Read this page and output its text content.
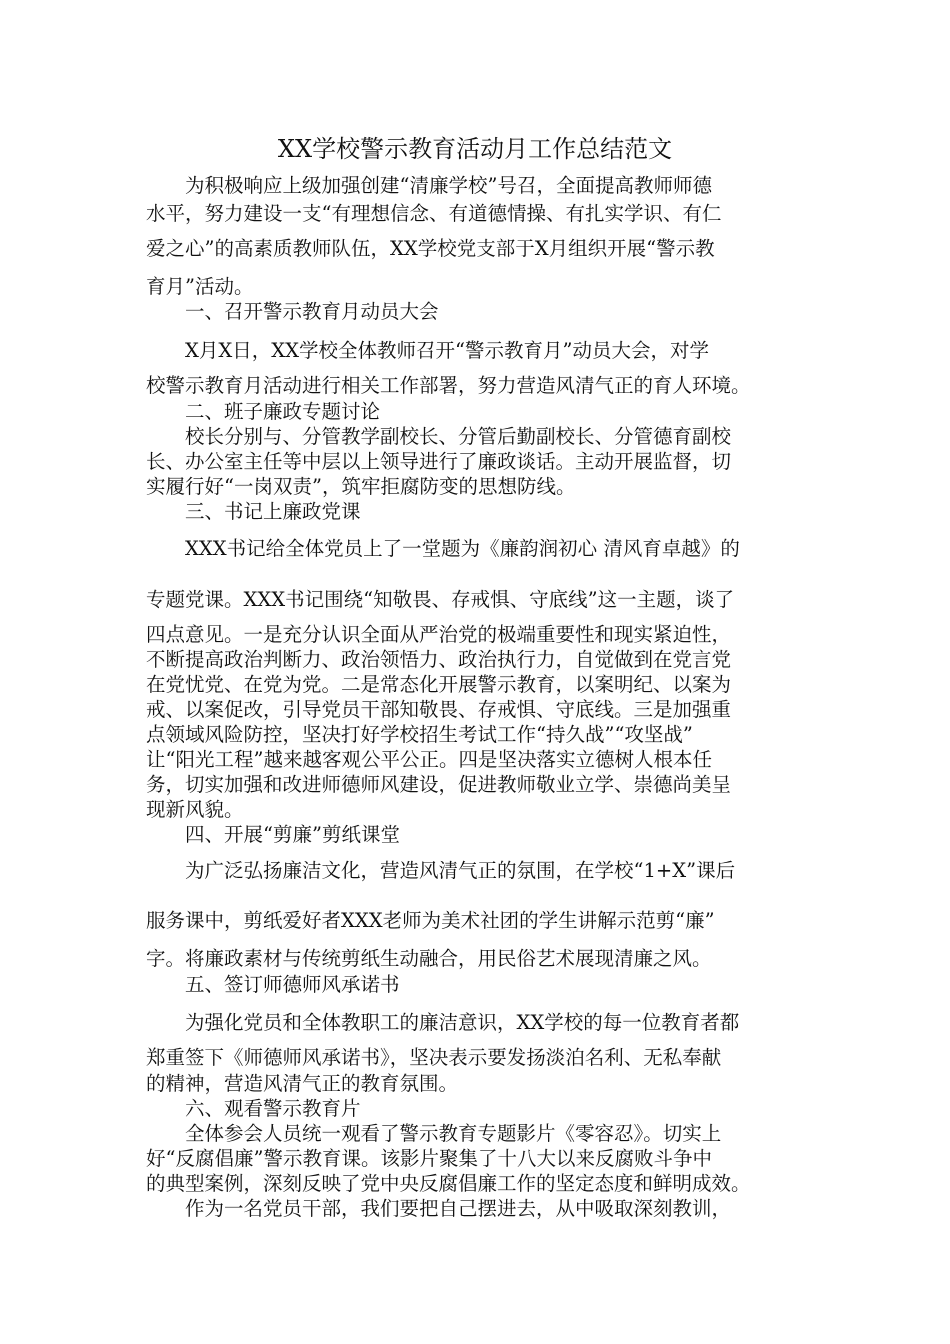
XX学校警示教育活动月工作总结范文

为积极响应上级加强创建“清廉学校”号召，全面提高教师师德

水平，努力建设一支“有理想信念、有道德情操、有扎实学识、有仁

爱之心”的高素质教师队伍，XX学校党支部于X月组织开展“警示教

育月”活动。

一、召开警示教育月动员大会

X月X日，XX学校全体教师召开“警示教育月”动员大会，对学

校警示教育月活动进行相关工作部署，努力营造风清气正的育人环境。

二、班子廉政专题讨论

校长分别与、分管教学副校长、分管后勤副校长、分管德育副校

长、办公室主任等中层以上领导进行了廉政谈话。主动开展监督，切

实履行好“一岗双责”，筑牢拒腐防变的思想防线。

三、书记上廉政党课

XXX书记给全体党员上了一堂题为《廉韵润初心 清风育卓越》的

专题党课。XXX书记围绕“知敬畏、存戒惧、守底线”这一主题，谈了

四点意见。一是充分认识全面从严治党的极端重要性和现实紧迫性，

不断提高政治判断力、政治领悟力、政治执行力，自觉做到在党言党

在党忧党、在党为党。二是常态化开展警示教育，以案明纪、以案为

戒、以案促改，引导党员干部知敬畏、存戒惧、守底线。三是加强重

点领域风险防控，坚决打好学校招生考试工作“持久战”“攻坚战”

让“阳光工程”越来越客观公平公正。四是坚决落实立德树人根本任

务，切实加强和改进师德师风建设，促进教师敬业立学、崇德尚美呈

现新风貌。

四、开展“剪廉”剪纸课堂

为广泛弘扬廉洁文化，营造风清气正的氛围，在学校“1+X”课后

服务课中，剪纸爱好者XXX老师为美术社团的学生讲解示范剪“廉”

字。将廉政素材与传统剪纸生动融合，用民俗艺术展现清廉之风。

五、签订师德师风承诺书

为强化党员和全体教职工的廉洁意识，XX学校的每一位教育者都

郑重签下《师德师风承诺书》，坚决表示要发扬淡泊名利、无私奉献

的精神，营造风清气正的教育氛围。

六、观看警示教育片

全体参会人员统一观看了警示教育专题影片《零容忍》。切实上

好“反腐倡廉”警示教育课。该影片聚集了十八大以来反腐败斗争中

的典型案例，深刻反映了党中央反腐倡廉工作的坚定态度和鲜明成效。

作为一名党员干部，我们要把自己摆进去，从中吸取深刻教训，
